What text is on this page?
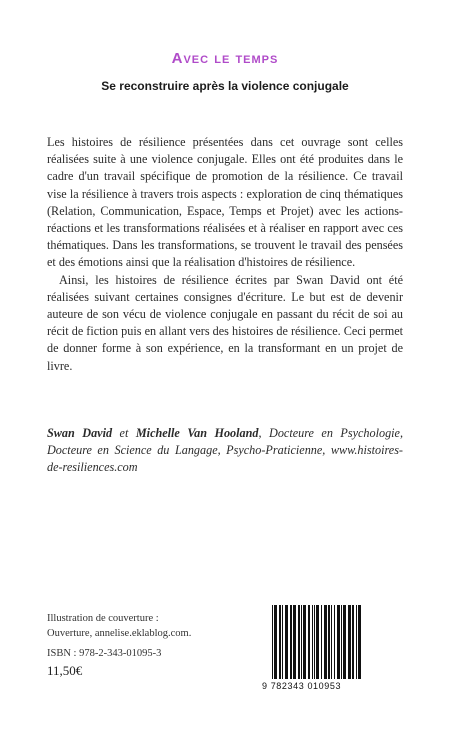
Avec le temps
Se reconstruire après la violence conjugale

Les histoires de résilience présentées dans cet ouvrage sont celles réalisées suite à une violence conjugale. Elles ont été produites dans le cadre d'un travail spécifique de promotion de la résilience. Ce travail vise la résilience à travers trois aspects : exploration de cinq thématiques (Relation, Communication, Espace, Temps et Projet) avec les actions-réactions et les transformations réalisées et à réaliser en rapport avec ces thématiques. Dans les transformations, se trouvent le travail des pensées et des émotions ainsi que la réalisation d'histoires de résilience.

Ainsi, les histoires de résilience écrites par Swan David ont été réalisées suivant certaines consignes d'écriture. Le but est de devenir auteure de son vécu de violence conjugale en passant du récit de soi au récit de fiction puis en allant vers des histoires de résilience. Ceci permet de donner forme à son expérience, en la transformant en un projet de livre.

Swan David et Michelle Van Hooland, Docteure en Psychologie, Docteure en Science du Langage, Psycho-Praticienne, www.histoires-de-resiliences.com
Illustration de couverture :
Ouverture, annelise.eklablog.com.
ISBN : 978-2-343-01095-3
11,50€
9 782343 010953
